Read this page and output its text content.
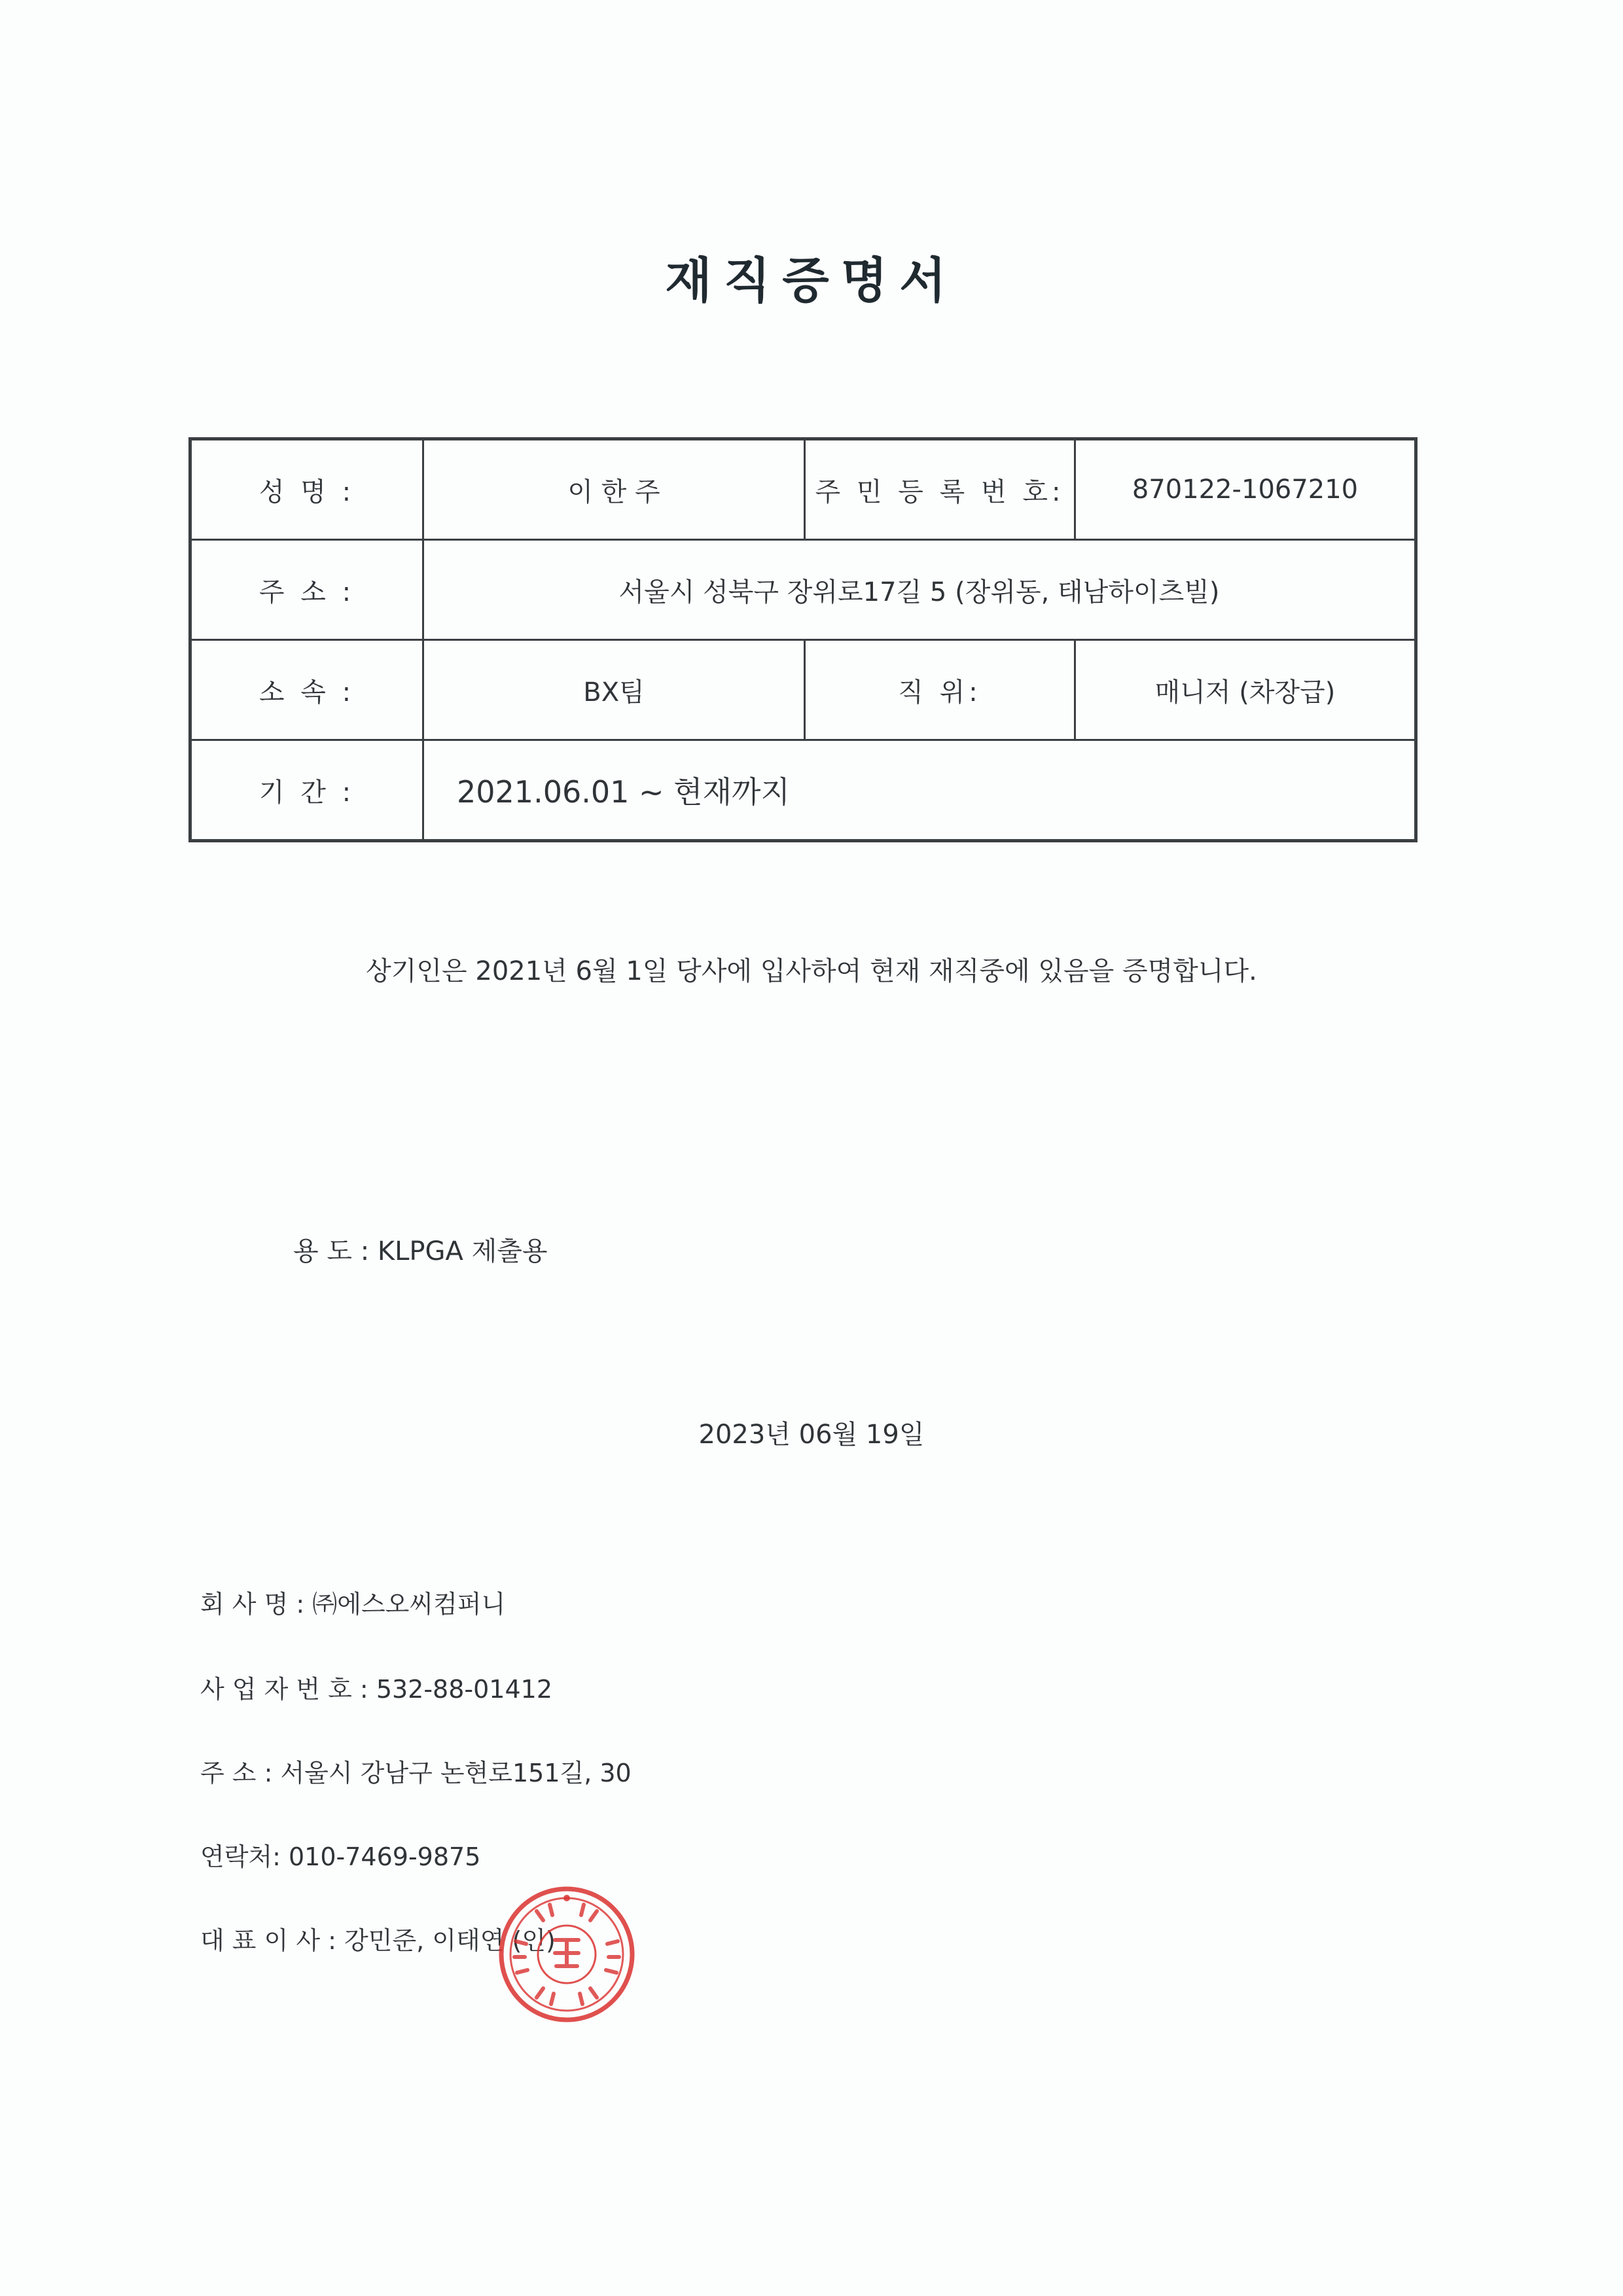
재직증명서
성 명 :	이 한 주	주 민 등 록 번 호:	870122-1067210
주 소 :	서울시 성북구 장위로17길 5 (장위동, 태남하이츠빌)		
소 속 :	BX팀	직 위:	매니저 (차장급)
기 간 :	2021.06.01 ~ 현재까지		
상기인은 2021년 6월 1일 당사에 입사하여 현재 재직중에 있음을 증명합니다.
용 도 : KLPGA 제출용
2023년 06월 19일
회 사 명 : ㈜에스오씨컴퍼니
사 업 자 번 호 : 532-88-01412
주 소 : 서울시 강남구 논현로151길, 30
연락처: 010-7469-9875
대 표 이 사 : 강민준, 이태연 (인)
